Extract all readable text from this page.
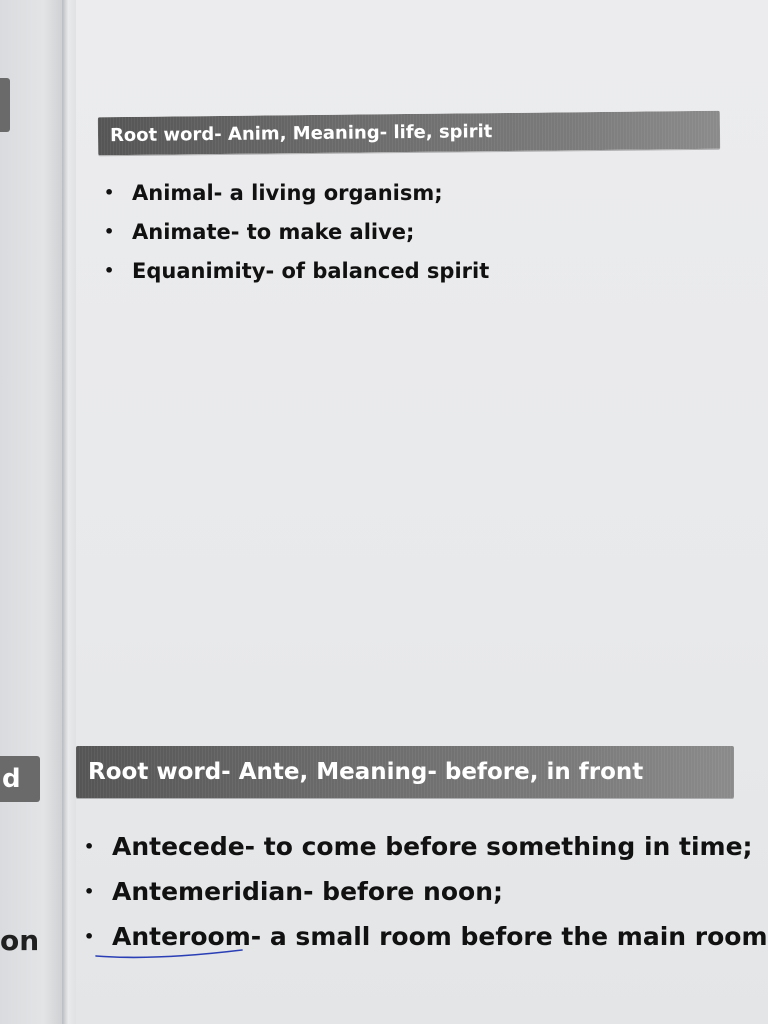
d
on
Root word- Anim, Meaning- life, spirit
• Animal- a living organism;
• Animate- to make alive;
• Equanimity- of balanced spirit
Root word- Ante, Meaning- before, in front
• Antecede- to come before something in time;
• Antemeridian- before noon;
• Anteroom- a small room before the main room
